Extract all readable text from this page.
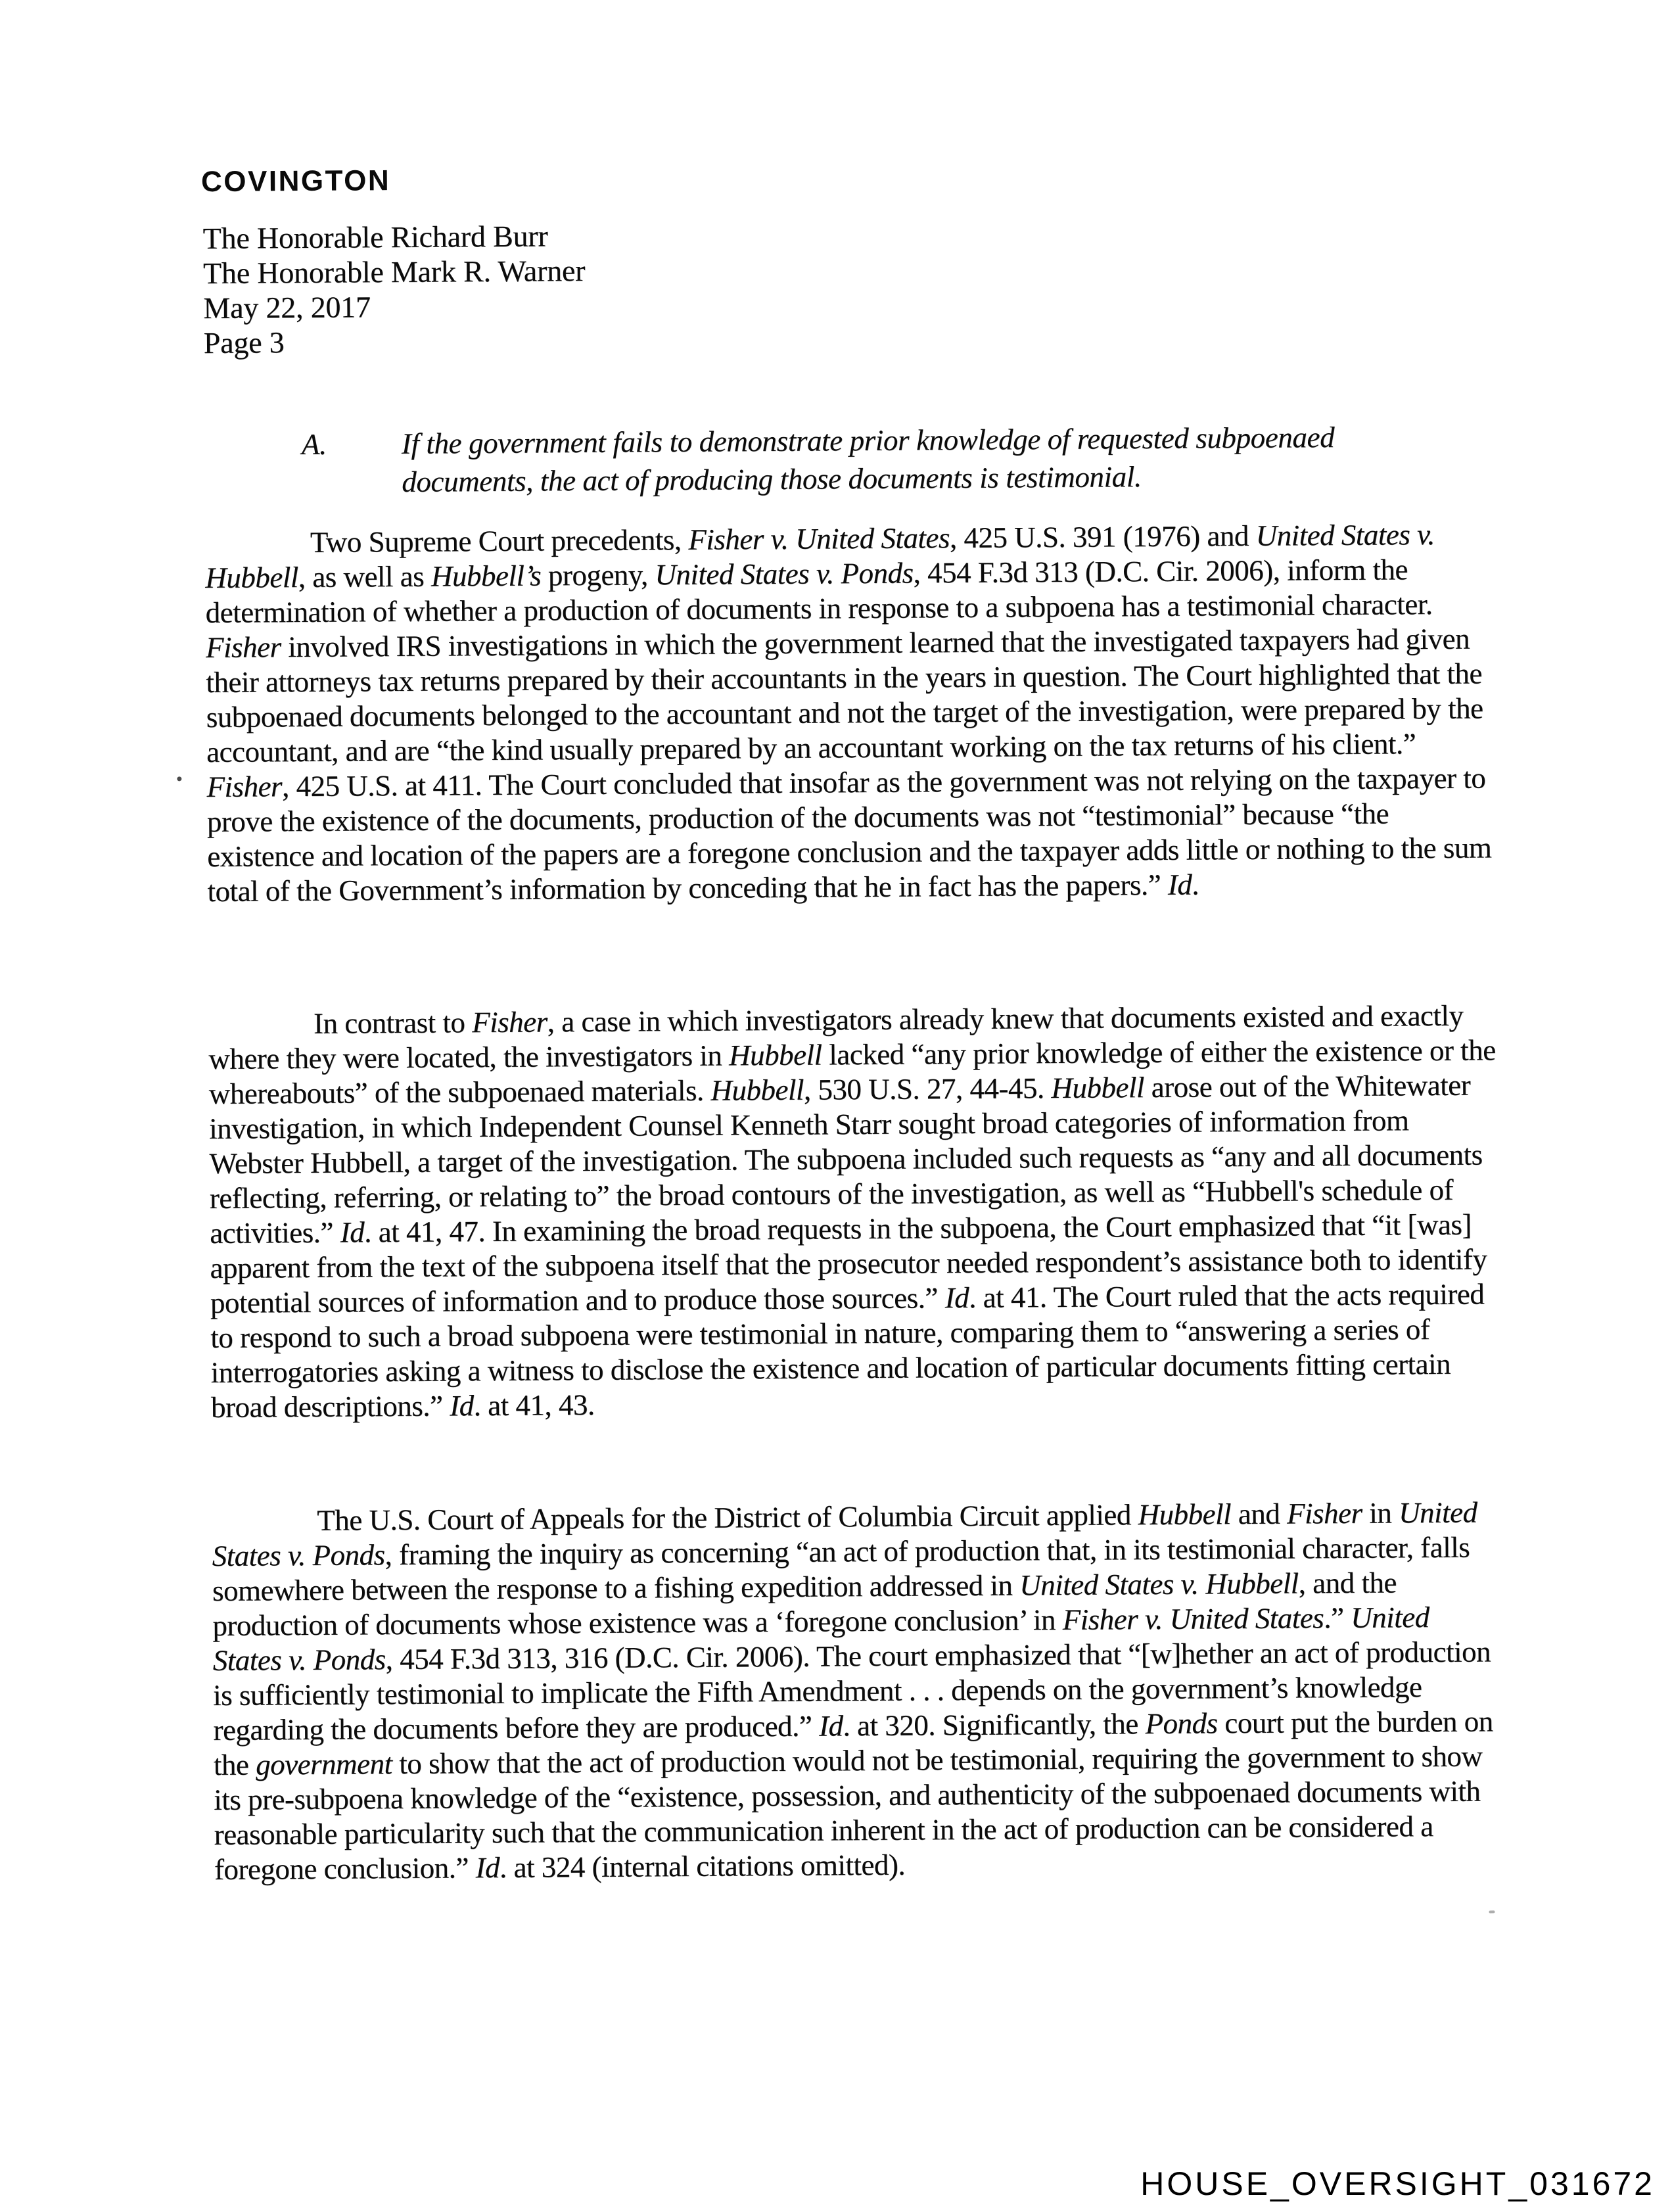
COVINGTON
The Honorable Richard Burr
The Honorable Mark R. Warner
May 22, 2017
Page 3
A.	If the government fails to demonstrate prior knowledge of requested subpoenaed documents, the act of producing those documents is testimonial.

Two Supreme Court precedents, Fisher v. United States, 425 U.S. 391 (1976) and United States v. Hubbell, as well as Hubbell’s progeny, United States v. Ponds, 454 F.3d 313 (D.C. Cir. 2006), inform the determination of whether a production of documents in response to a subpoena has a testimonial character. Fisher involved IRS investigations in which the government learned that the investigated taxpayers had given their attorneys tax returns prepared by their accountants in the years in question. The Court highlighted that the subpoenaed documents belonged to the accountant and not the target of the investigation, were prepared by the accountant, and are “the kind usually prepared by an accountant working on the tax returns of his client.” Fisher, 425 U.S. at 411. The Court concluded that insofar as the government was not relying on the taxpayer to prove the existence of the documents, production of the documents was not “testimonial” because “the existence and location of the papers are a foregone conclusion and the taxpayer adds little or nothing to the sum total of the Government’s information by conceding that he in fact has the papers.” Id.

In contrast to Fisher, a case in which investigators already knew that documents existed and exactly where they were located, the investigators in Hubbell lacked “any prior knowledge of either the existence or the whereabouts” of the subpoenaed materials. Hubbell, 530 U.S. 27, 44-45. Hubbell arose out of the Whitewater investigation, in which Independent Counsel Kenneth Starr sought broad categories of information from Webster Hubbell, a target of the investigation. The subpoena included such requests as “any and all documents reflecting, referring, or relating to” the broad contours of the investigation, as well as “Hubbell's schedule of activities.” Id. at 41, 47. In examining the broad requests in the subpoena, the Court emphasized that “it [was] apparent from the text of the subpoena itself that the prosecutor needed respondent’s assistance both to identify potential sources of information and to produce those sources.” Id. at 41. The Court ruled that the acts required to respond to such a broad subpoena were testimonial in nature, comparing them to “answering a series of interrogatories asking a witness to disclose the existence and location of particular documents fitting certain broad descriptions.” Id. at 41, 43.

The U.S. Court of Appeals for the District of Columbia Circuit applied Hubbell and Fisher in United States v. Ponds, framing the inquiry as concerning “an act of production that, in its testimonial character, falls somewhere between the response to a fishing expedition addressed in United States v. Hubbell, and the production of documents whose existence was a ‘foregone conclusion’ in Fisher v. United States.” United States v. Ponds, 454 F.3d 313, 316 (D.C. Cir. 2006). The court emphasized that “[w]hether an act of production is sufficiently testimonial to implicate the Fifth Amendment . . . depends on the government’s knowledge regarding the documents before they are produced.” Id. at 320. Significantly, the Ponds court put the burden on the government to show that the act of production would not be testimonial, requiring the government to show its pre-subpoena knowledge of the “existence, possession, and authenticity of the subpoenaed documents with reasonable particularity such that the communication inherent in the act of production can be considered a foregone conclusion.” Id. at 324 (internal citations omitted).

HOUSE_OVERSIGHT_031672
